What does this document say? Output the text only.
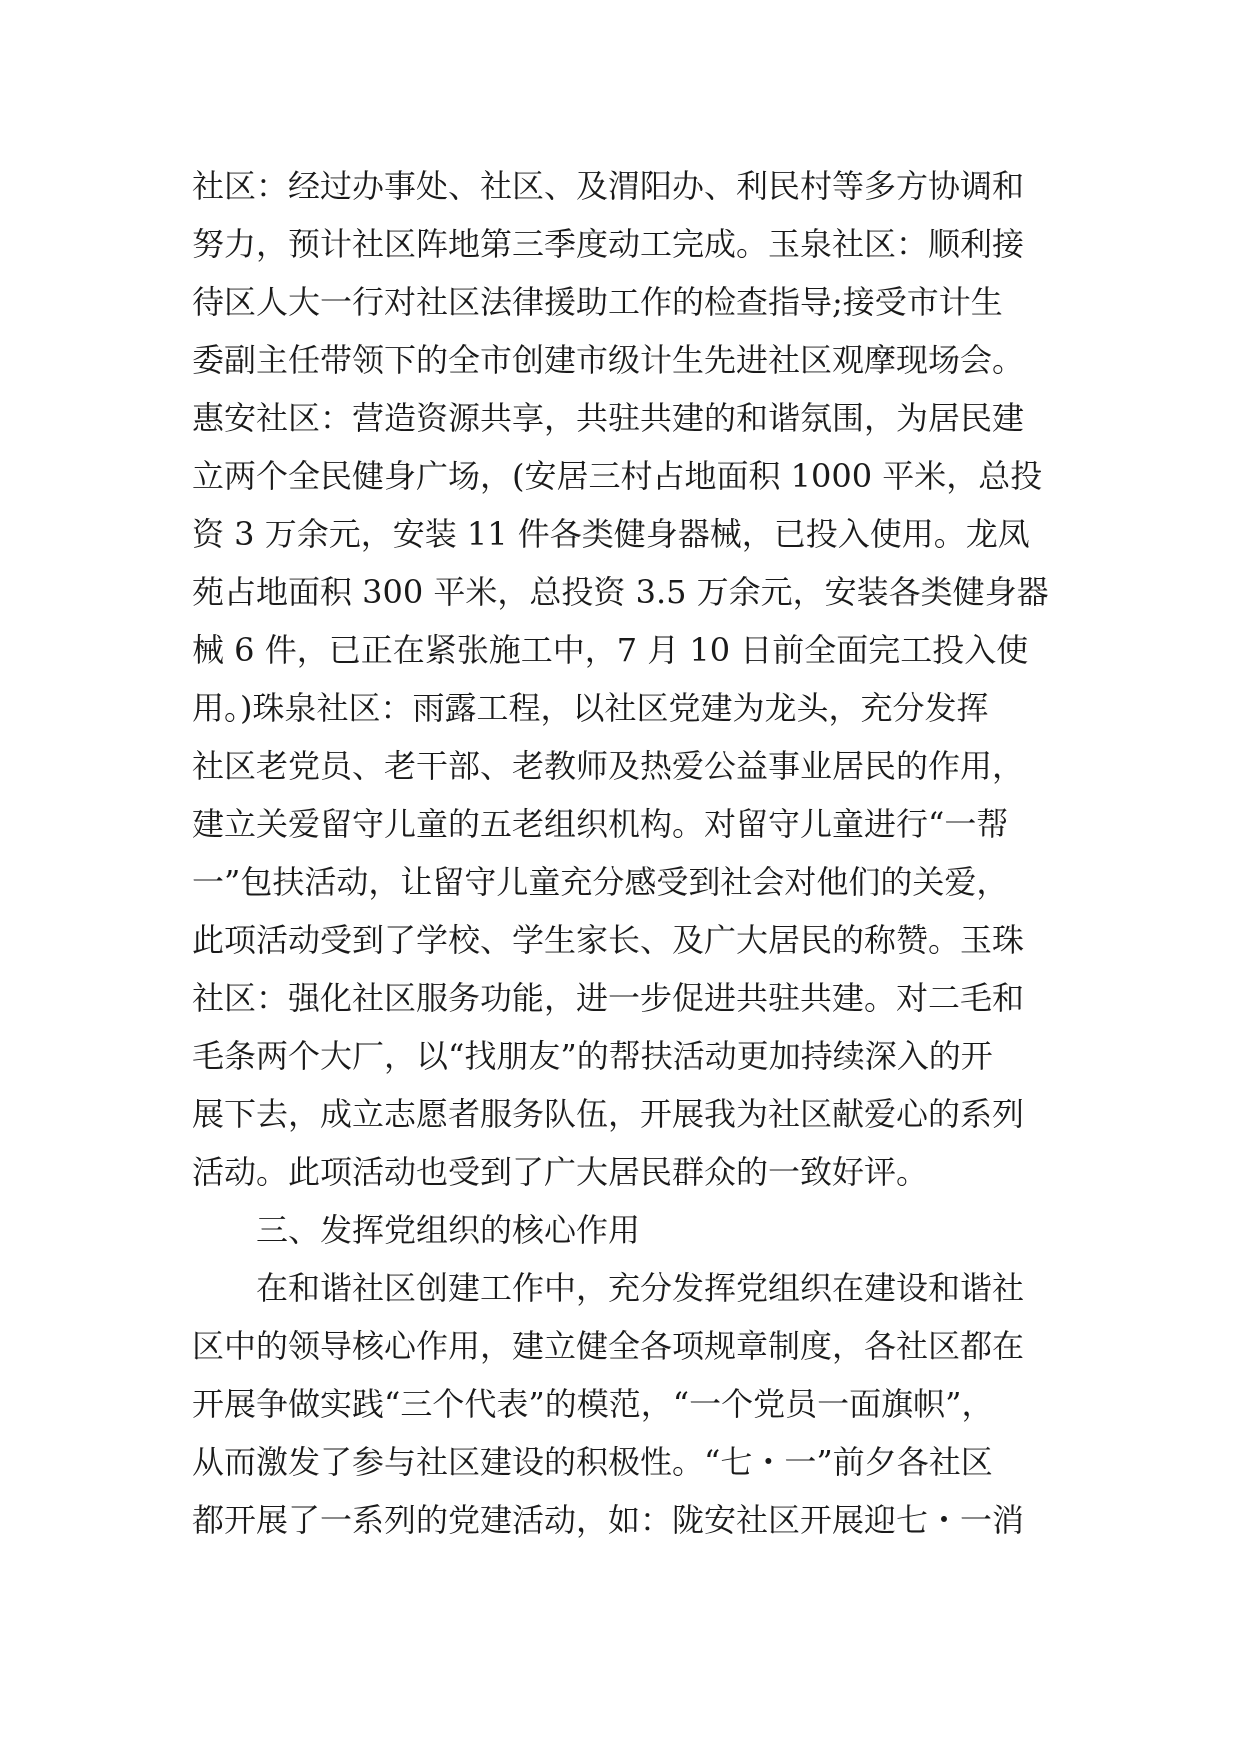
社区：经过办事处、社区、及渭阳办、利民村等多方协调和
努力，预计社区阵地第三季度动工完成。玉泉社区：顺利接
待区人大一行对社区法律援助工作的检查指导;接受市计生
委副主任带领下的全市创建市级计生先进社区观摩现场会。
惠安社区：营造资源共享，共驻共建的和谐氛围，为居民建
立两个全民健身广场，(安居三村占地面积 1000 平米，总投
资 3 万余元，安装 11 件各类健身器械，已投入使用。龙凤
苑占地面积 300 平米，总投资 3.5 万余元，安装各类健身器
械 6 件，已正在紧张施工中，7 月 10 日前全面完工投入使
用。)珠泉社区：雨露工程，以社区党建为龙头，充分发挥
社区老党员、老干部、老教师及热爱公益事业居民的作用，
建立关爱留守儿童的五老组织机构。对留守儿童进行“一帮
一”包扶活动，让留守儿童充分感受到社会对他们的关爱，
此项活动受到了学校、学生家长、及广大居民的称赞。玉珠
社区：强化社区服务功能，进一步促进共驻共建。对二毛和
毛条两个大厂，以“找朋友”的帮扶活动更加持续深入的开
展下去，成立志愿者服务队伍，开展我为社区献爱心的系列
活动。此项活动也受到了广大居民群众的一致好评。
三、发挥党组织的核心作用
在和谐社区创建工作中，充分发挥党组织在建设和谐社
区中的领导核心作用，建立健全各项规章制度，各社区都在
开展争做实践“三个代表”的模范，“一个党员一面旗帜”，
从而激发了参与社区建设的积极性。“七・一”前夕各社区
都开展了一系列的党建活动，如：陇安社区开展迎七・一消
